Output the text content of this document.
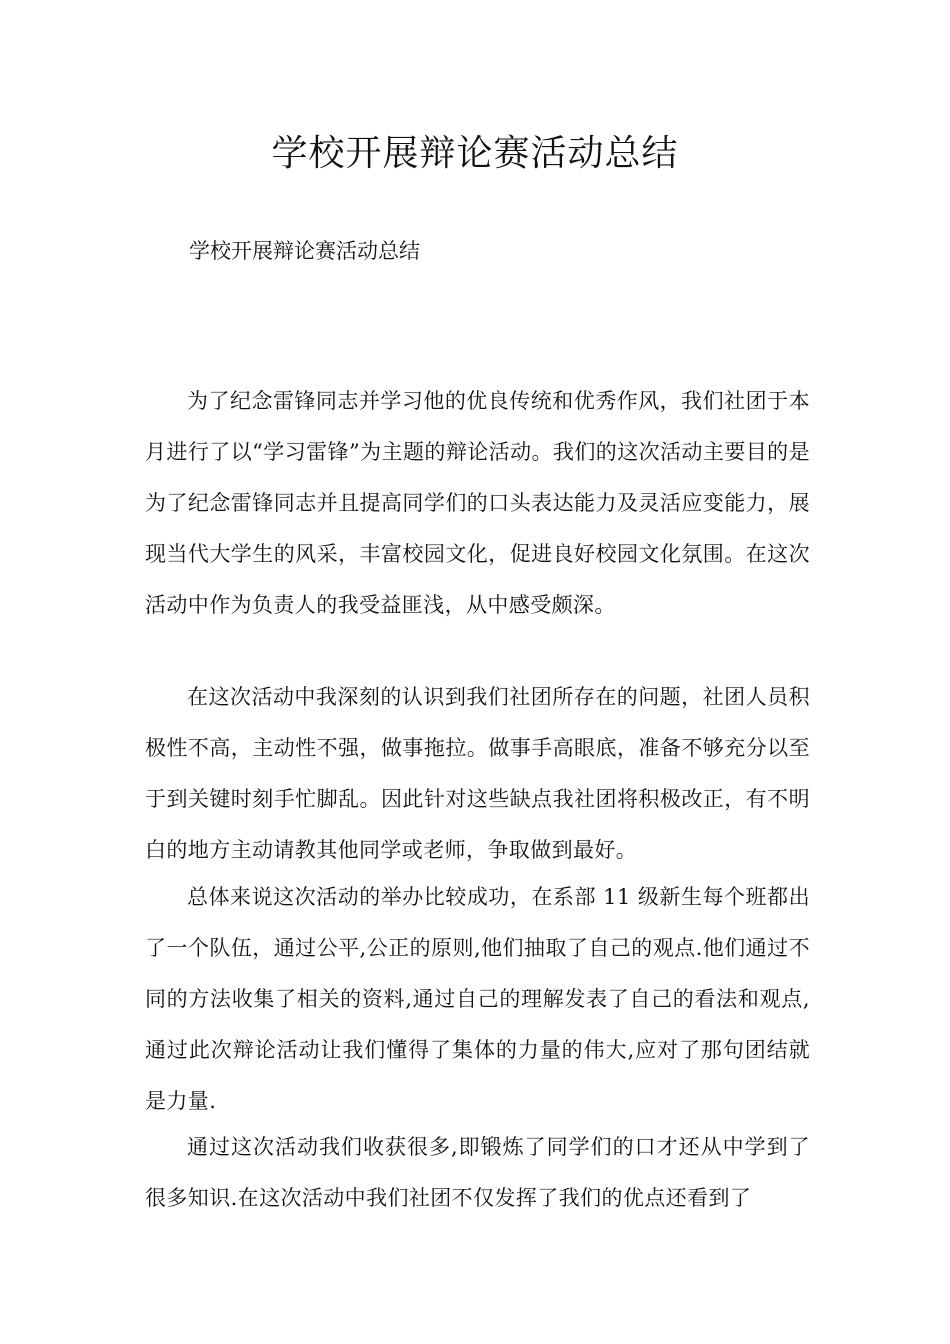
学校开展辩论赛活动总结

学校开展辩论赛活动总结

为了纪念雷锋同志并学习他的优良传统和优秀作风，我们社团于本月进行了以“学习雷锋”为主题的辩论活动。我们的这次活动主要目的是为了纪念雷锋同志并且提高同学们的口头表达能力及灵活应变能力，展现当代大学生的风采，丰富校园文化，促进良好校园文化氛围。在这次活动中作为负责人的我受益匪浅，从中感受颇深。

在这次活动中我深刻的认识到我们社团所存在的问题，社团人员积极性不高，主动性不强，做事拖拉。做事手高眼底，准备不够充分以至于到关键时刻手忙脚乱。因此针对这些缺点我社团将积极改正，有不明白的地方主动请教其他同学或老师，争取做到最好。

总体来说这次活动的举办比较成功，在系部 11 级新生每个班都出了一个队伍，通过公平,公正的原则,他们抽取了自己的观点.他们通过不同的方法收集了相关的资料,通过自己的理解发表了自己的看法和观点,通过此次辩论活动让我们懂得了集体的力量的伟大,应对了那句团结就是力量.

通过这次活动我们收获很多,即锻炼了同学们的口才还从中学到了很多知识.在这次活动中我们社团不仅发挥了我们的优点还看到了
